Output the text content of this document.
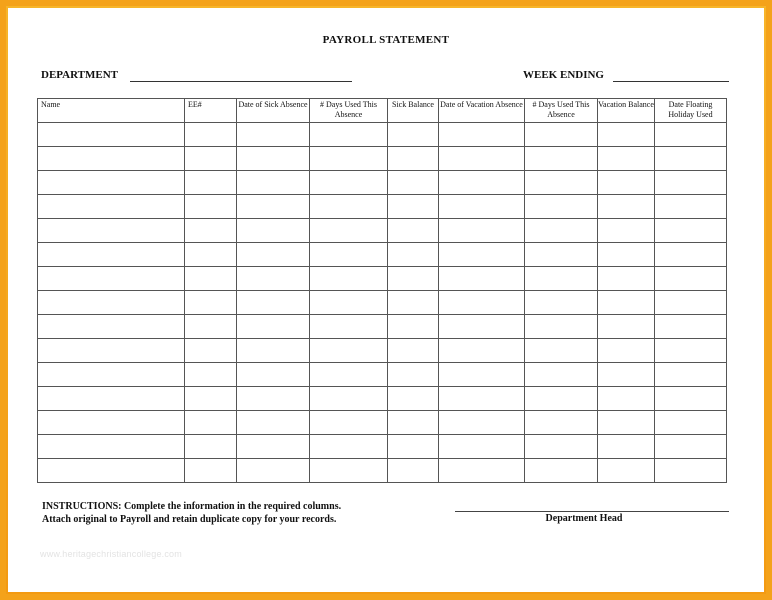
PAYROLL STATEMENT
DEPARTMENT	WEEK ENDING
Name	EE#	Date of Sick Absence	# Days Used This Absence	Sick Balance	Date of Vacation Absence	# Days Used This Absence	Vacation Balance	Date Floating Holiday Used

INSTRUCTIONS: Complete the information in the required columns.
Attach original to Payroll and retain duplicate copy for your records.	Department Head
www.heritagechristiancollege.com
